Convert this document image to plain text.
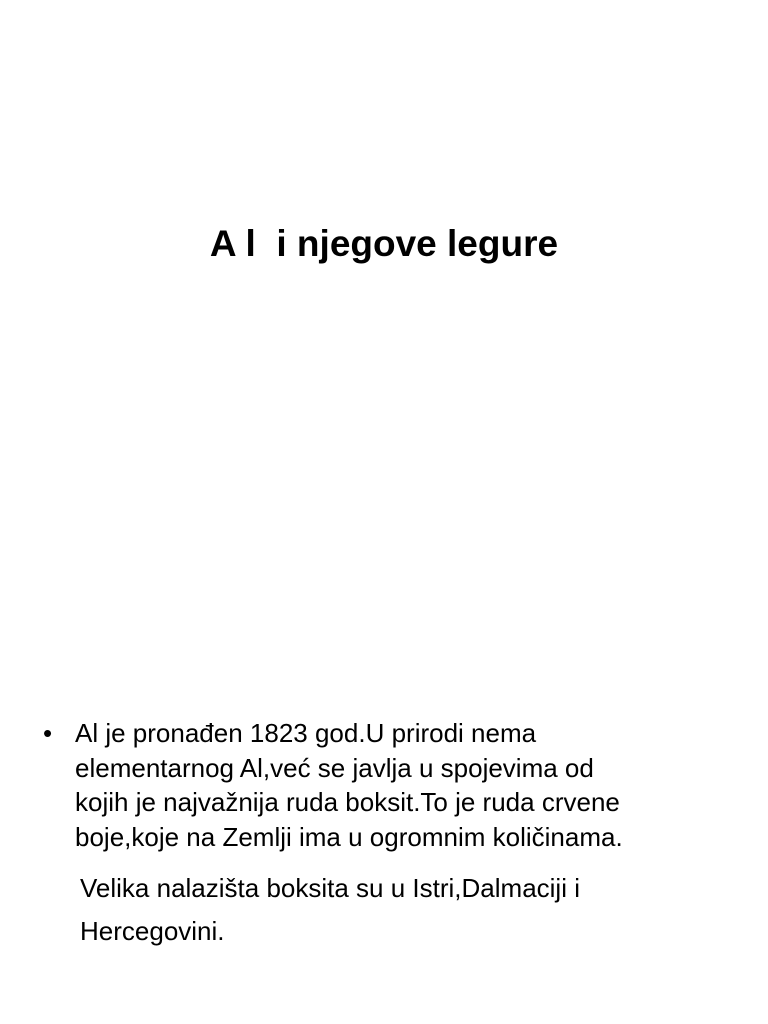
A l  i njegove legure
• Al je pronađen 1823 god.U prirodi nema
elementarnog Al,već se javlja u spojevima od
kojih je najvažnija ruda boksit.To je ruda crvene
boje,koje na Zemlji ima u ogromnim količinama.
Velika nalazišta boksita su u Istri,Dalmaciji i
Hercegovini.
